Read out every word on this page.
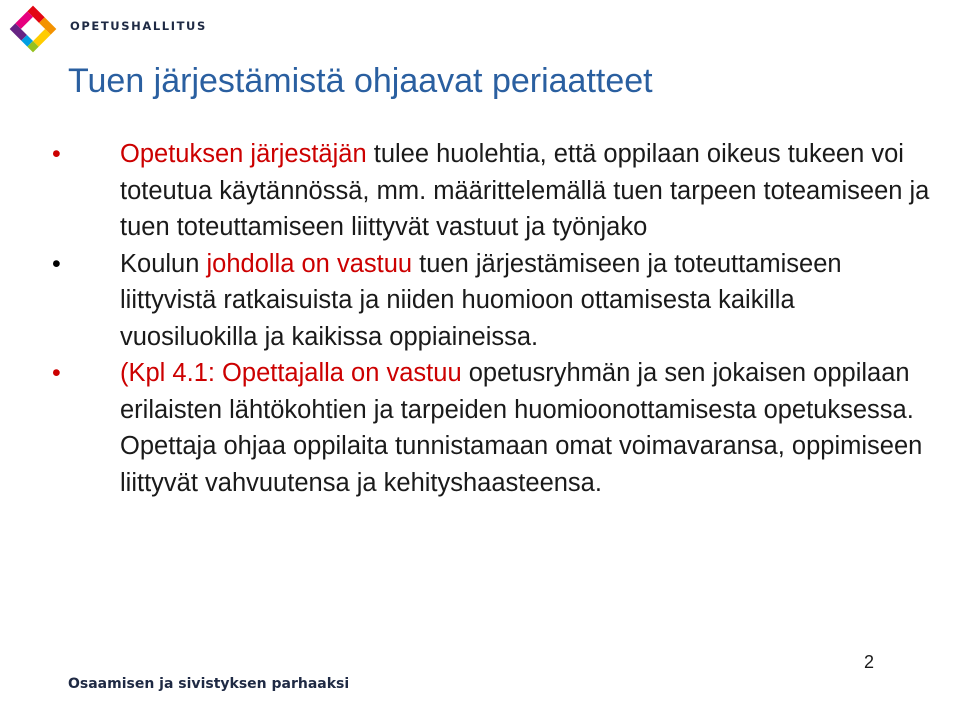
OPETUSHALLITUS
Tuen järjestämistä ohjaavat periaatteet
• Opetuksen järjestäjän tulee huolehtia, että oppilaan oikeus tukeen voi toteutua käytännössä, mm. määrittelemällä tuen tarpeen toteamiseen ja tuen toteuttamiseen liittyvät vastuut ja työnjako
• Koulun johdolla on vastuu tuen järjestämiseen ja toteuttamiseen liittyvistä ratkaisuista ja niiden huomioon ottamisesta kaikilla vuosiluokilla ja kaikissa oppiaineissa.
• (Kpl 4.1: Opettajalla on vastuu opetusryhmän ja sen jokaisen oppilaan erilaisten lähtökohtien ja tarpeiden huomioonottamisesta opetuksessa. Opettaja ohjaa oppilaita tunnistamaan omat voimavaransa, oppimiseen liittyvät vahvuutensa ja kehityshaasteensa.
Osaamisen ja sivistyksen parhaaksi
2
